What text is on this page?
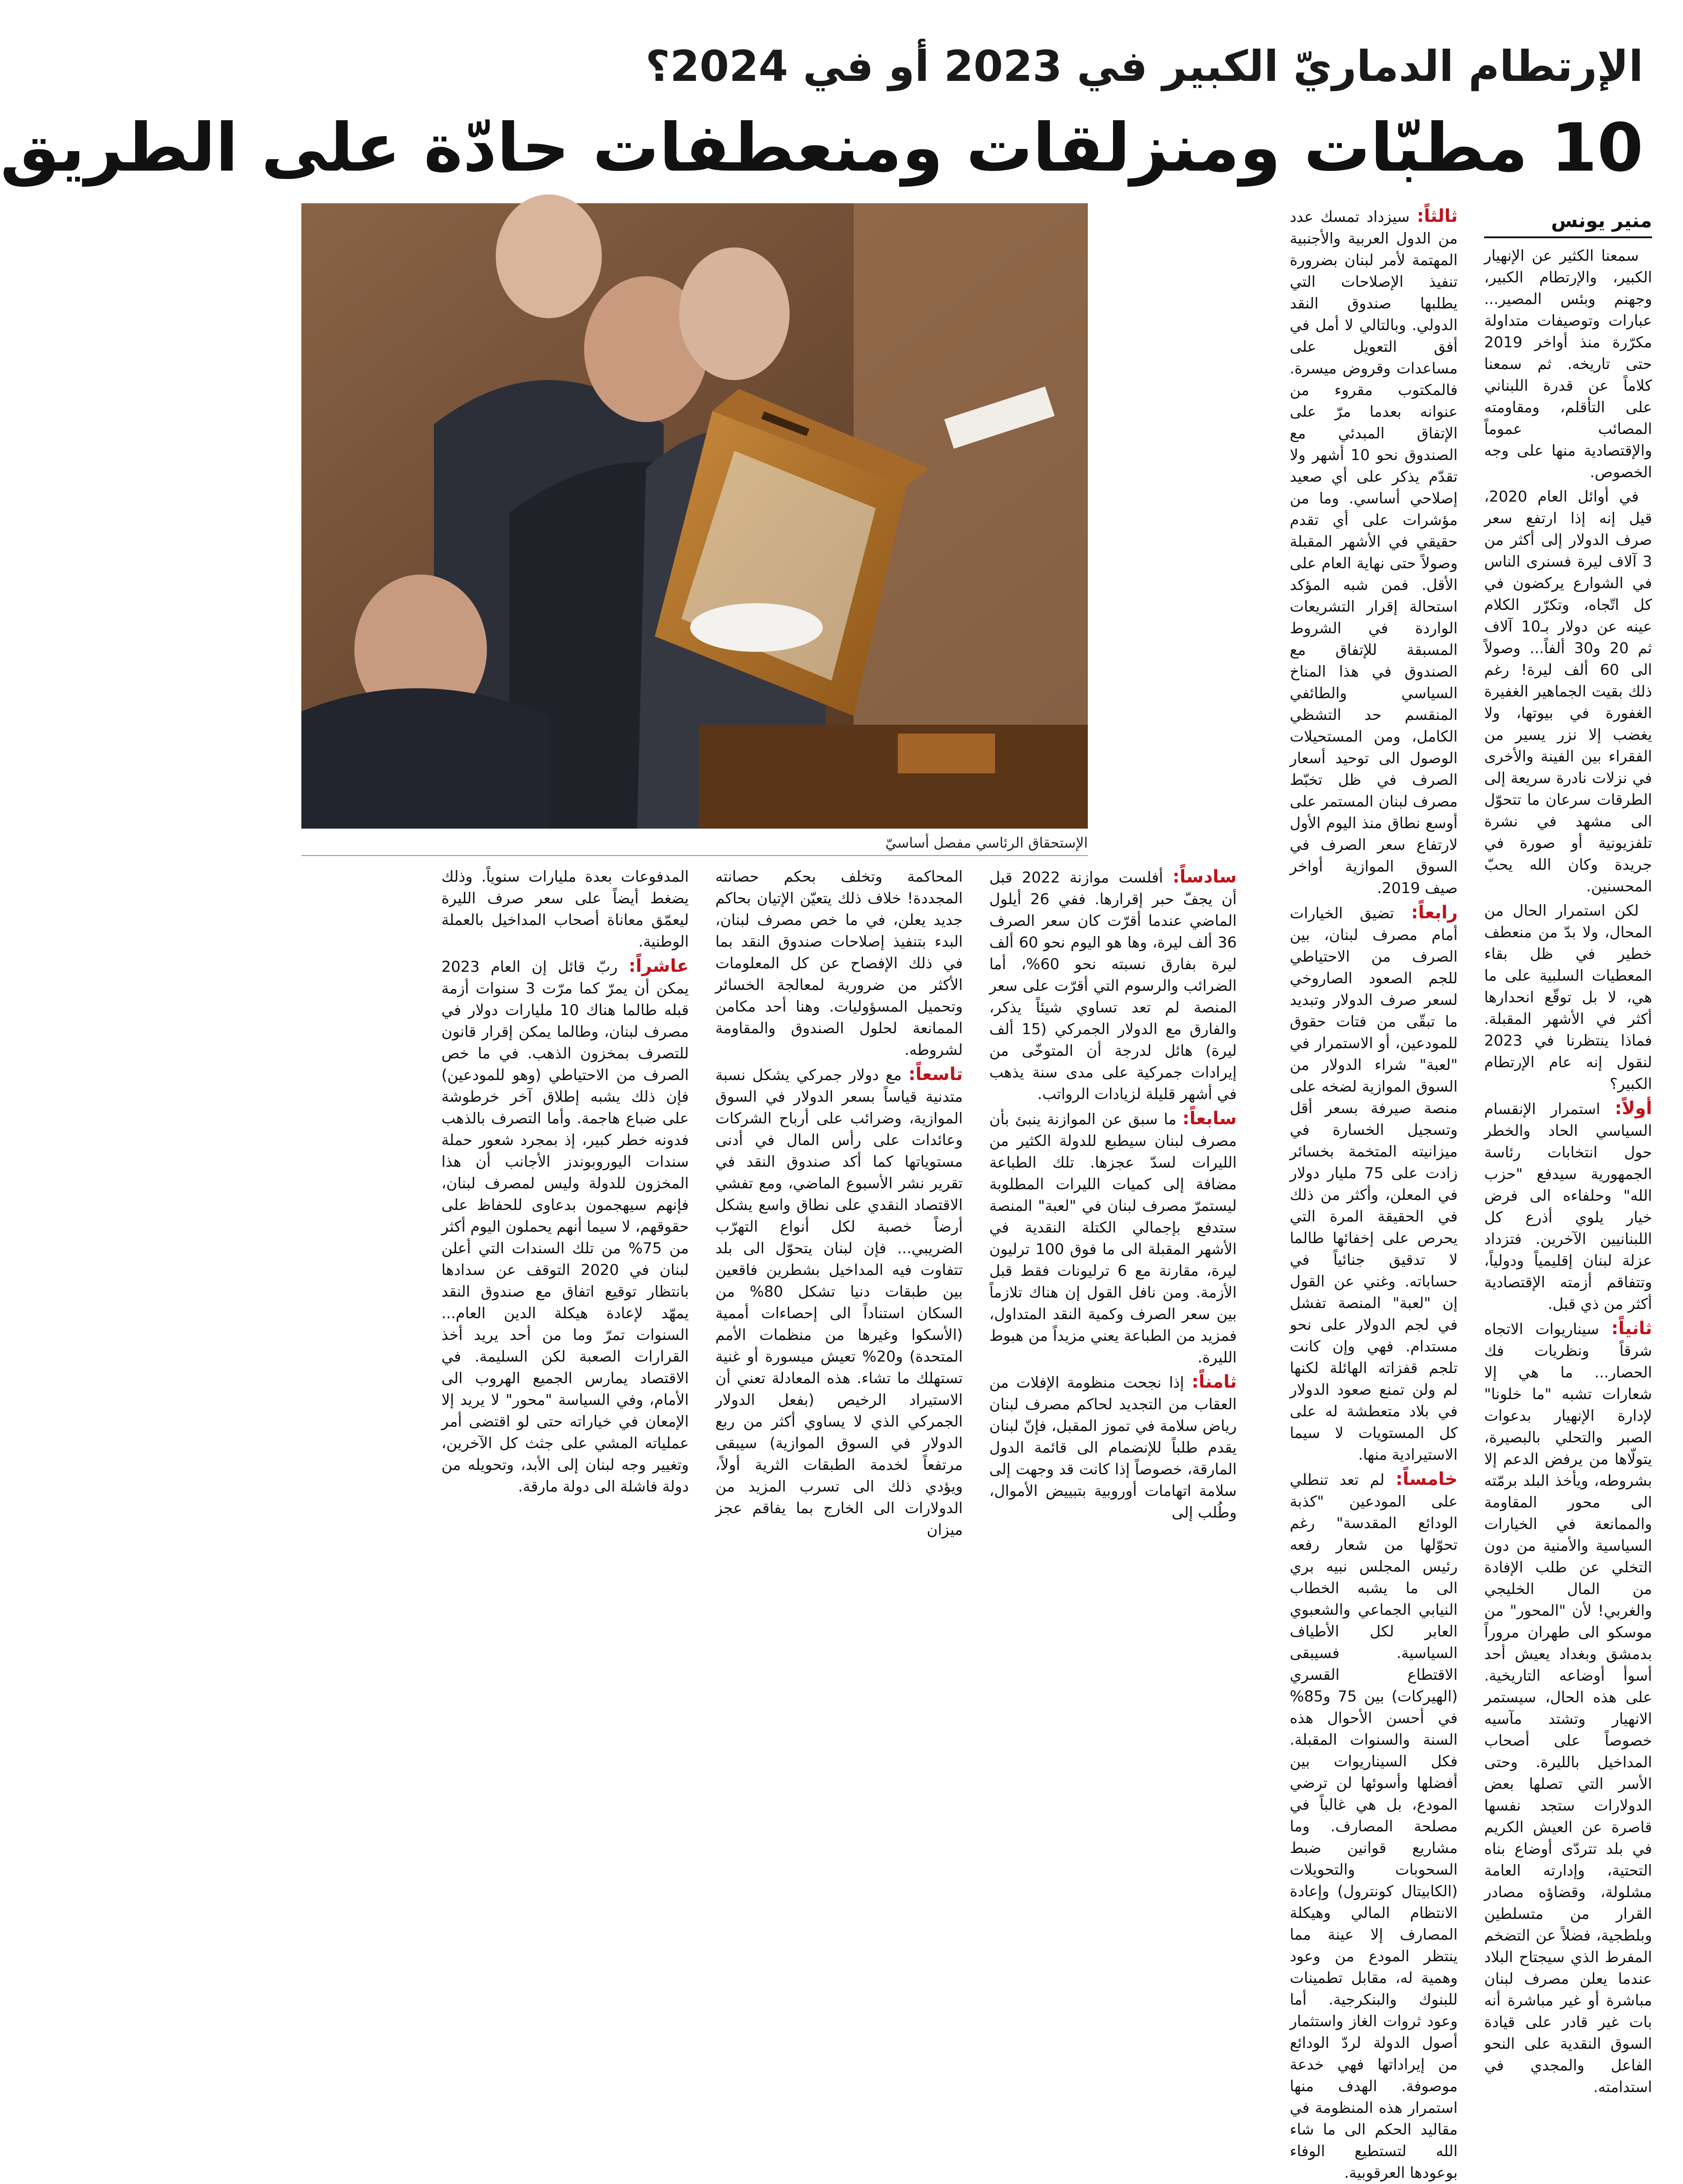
الإرتطام الدماريّ الكبير في 2023 أو في 2024؟
10 مطبّات ومنزلقات ومنعطفات حادّة على الطريق
منير يونس

سمعنا الكثير عن الإنهيار الكبير، والإرتطام الكبير، وجهنم وبئس المصير... عبارات وتوصيفات متداولة مكرّرة منذ أواخر 2019 حتى تاريخه. ثم سمعنا كلاماً عن قدرة اللبناني على التأقلم، ومقاومته المصائب عموماً والإقتصادية منها على وجه الخصوص.

في أوائل العام 2020، قيل إنه إذا ارتفع سعر صرف الدولار إلى أكثر من 3 آلاف ليرة فسنرى الناس في الشوارع يركضون في كل اتّجاه، وتكرّر الكلام عينه عن دولار بـ10 آلاف ثم 20 و30 ألفاً... وصولاً الى 60 ألف ليرة! رغم ذلك بقيت الجماهير الغفيرة الغفورة في بيوتها، ولا يغضب إلا نزر يسير من الفقراء بين الفينة والأخرى في نزلات نادرة سريعة إلى الطرقات سرعان ما تتحوّل الى مشهد في نشرة تلفزيونية أو صورة في جريدة وكان الله يحبّ المحسنين.

لكن استمرار الحال من المحال، ولا بدّ من منعطف خطير في ظل بقاء المعطيات السلبية على ما هي، لا بل توقّع انحدارها أكثر في الأشهر المقبلة. فماذا ينتظرنا في 2023 لنقول إنه عام الإرتطام الكبير؟

أولاً: استمرار الإنقسام السياسي الحاد والخطر حول انتخابات رئاسة الجمهورية سيدفع "حزب الله" وحلفاءه الى فرض خيار يلوي أذرع كل اللبنانيين الآخرين. فتزداد عزلة لبنان إقليمياً ودولياً، وتتفاقم أزمته الإقتصادية أكثر من ذي قبل.

ثانياً: سيناريوات الاتجاه شرقاً ونظريات فك الحصار... ما هي إلا شعارات تشبه "ما خلونا" لإدارة الإنهيار بدعوات الصبر والتحلي بالبصيرة، يتولّاها من يرفض الدعم إلا بشروطه، ويأخذ البلد برمّته الى محور المقاومة والممانعة في الخيارات السياسية والأمنية من دون التخلي عن طلب الإفادة من المال الخليجي والغربي! لأن "المحور" من موسكو الى طهران مروراً بدمشق وبغداد يعيش أحد أسوأ أوضاعه التاريخية. على هذه الحال، سيستمر الانهيار وتشتد مآسيه خصوصاً على أصحاب المداخيل بالليرة. وحتى الأسر التي تصلها بعض الدولارات ستجد نفسها قاصرة عن العيش الكريم في بلد تتردّى أوضاع بناه التحتية، وإدارته العامة مشلولة، وقضاؤه مصادر القرار من متسلطين وبلطجية، فضلاً عن التضخم المفرط الذي سيجتاح البلاد عندما يعلن مصرف لبنان مباشرة أو غير مباشرة أنه بات غير قادر على قيادة السوق النقدية على النحو الفاعل والمجدي في استدامته.

ثالثاً: سيزداد تمسك عدد من الدول العربية والأجنبية المهتمة لأمر لبنان بضرورة تنفيذ الإصلاحات التي يطلبها صندوق النقد الدولي. وبالتالي لا أمل في أفق التعويل على مساعدات وقروض ميسرة. فالمكتوب مقروء من عنوانه بعدما مرّ على الإتفاق المبدئي مع الصندوق نحو 10 أشهر ولا تقدّم يذكر على أي صعيد إصلاحي أساسي. وما من مؤشرات على أي تقدم حقيقي في الأشهر المقبلة وصولاً حتى نهاية العام على الأقل. فمن شبه المؤكد استحالة إقرار التشريعات الواردة في الشروط المسبقة للإتفاق مع الصندوق في هذا المناخ السياسي والطائفي المنقسم حد التشظي الكامل، ومن المستحيلات الوصول الى توحيد أسعار الصرف في ظل تخبّط مصرف لبنان المستمر على أوسع نطاق منذ اليوم الأول لارتفاع سعر الصرف في السوق الموازية أواخر صيف 2019.

رابعاً: تضيق الخيارات أمام مصرف لبنان، بين الصرف من الاحتياطي للجم الصعود الصاروخي لسعر صرف الدولار وتبديد ما تبقّى من فتات حقوق للمودعين، أو الاستمرار في "لعبة" شراء الدولار من السوق الموازية لضخه على منصة صيرفة بسعر أقل وتسجيل الخسارة في ميزانيته المتخمة بخسائر زادت على 75 مليار دولار في المعلن، وأكثر من ذلك في الحقيقة المرة التي يحرص على إخفائها طالما لا تدقيق جنائياً في حساباته. وغني عن القول إن "لعبة" المنصة تفشل في لجم الدولار على نحو مستدام. فهي وإن كانت تلجم قفزاته الهائلة لكنها لم ولن تمنع صعود الدولار في بلاد متعطشة له على كل المستويات لا سيما الاستيرادية منها.

خامساً: لم تعد تنطلي على المودعين "كذبة الودائع المقدسة" رغم تحوّلها من شعار رفعه رئيس المجلس نبيه بري الى ما يشبه الخطاب النيابي الجماعي والشعبوي العابر لكل الأطياف السياسية. فسيبقى الاقتطاع القسري (الهيركات) بين 75 و85% في أحسن الأحوال هذه السنة والسنوات المقبلة. فكل السيناريوات بين أفضلها وأسوئها لن ترضي المودع، بل هي غالباً في مصلحة المصارف. وما مشاريع قوانين ضبط السحوبات والتحويلات (الكابيتال كونترول) وإعادة الانتظام المالي وهيكلة المصارف إلا عينة مما ينتظر المودع من وعود وهمية له، مقابل تطمينات للبنوك والبنكرجية. أما وعود ثروات الغاز واستثمار أصول الدولة لردّ الودائع من إيراداتها فهي خدعة موصوفة. الهدف منها استمرار هذه المنظومة في مقاليد الحكم الى ما شاء الله لتستطيع الوفاء بوعودها العرقوبية.

الإستحقاق الرئاسي مفصل أساسيّ

سادساً: أفلست موازنة 2022 قبل أن يجفّ حبر إقرارها. ففي 26 أيلول الماضي عندما أقرّت كان سعر الصرف 36 ألف ليرة، وها هو اليوم نحو 60 ألف ليرة بفارق نسبته نحو 60%، أما الضرائب والرسوم التي أقرّت على سعر المنصة لم تعد تساوي شيئاً يذكر، والفارق مع الدولار الجمركي (15 ألف ليرة) هائل لدرجة أن المتوخّى من إيرادات جمركية على مدى سنة يذهب في أشهر قليلة لزيادات الرواتب.

سابعاً: ما سبق عن الموازنة ينبئ بأن مصرف لبنان سيطبع للدولة الكثير من الليرات لسدّ عجزها. تلك الطباعة مضافة إلى كميات الليرات المطلوبة ليستمرّ مصرف لبنان في "لعبة" المنصة ستدفع بإجمالي الكتلة النقدية في الأشهر المقبلة الى ما فوق 100 ترليون ليرة، مقارنة مع 6 ترليونات فقط قبل الأزمة. ومن نافل القول إن هناك تلازماً بين سعر الصرف وكمية النقد المتداول، فمزيد من الطباعة يعني مزيداً من هبوط الليرة.

ثامناً: إذا نجحت منظومة الإفلات من العقاب من التجديد لحاكم مصرف لبنان رياض سلامة في تموز المقبل، فإنّ لبنان يقدم طلباً للإنضمام الى قائمة الدول المارقة، خصوصاً إذا كانت قد وجهت إلى سلامة اتهامات أوروبية بتبييض الأموال، وطُلب إلى

المحاكمة وتخلف بحكم حصانته المجددة! خلاف ذلك يتعيّن الإتيان بحاكم جديد يعلن، في ما خص مصرف لبنان، البدء بتنفيذ إصلاحات صندوق النقد بما في ذلك الإفصاح عن كل المعلومات الأكثر من ضرورية لمعالجة الخسائر وتحميل المسؤوليات. وهنا أحد مكامن الممانعة لحلول الصندوق والمقاومة لشروطه.

تاسعاً: مع دولار جمركي يشكل نسبة متدنية قياساً بسعر الدولار في السوق الموازية، وضرائب على أرباح الشركات وعائدات على رأس المال في أدنى مستوياتها كما أكد صندوق النقد في تقرير نشر الأسبوع الماضي، ومع تفشي الاقتصاد النقدي على نطاق واسع يشكل أرضاً خصبة لكل أنواع التهرّب الضريبي... فإن لبنان يتحوّل الى بلد تتفاوت فيه المداخيل بشطرين فاقعين بين طبقات دنيا تشكل 80% من السكان استناداً الى إحصاءات أممية (الأسكوا وغيرها من منظمات الأمم المتحدة) و20% تعيش ميسورة أو غنية تستهلك ما تشاء. هذه المعادلة تعني أن الاستيراد الرخيص (بفعل الدولار الجمركي الذي لا يساوي أكثر من ربع الدولار في السوق الموازية) سيبقى مرتفعاً لخدمة الطبقات الثرية أولاً، ويؤدي ذلك الى تسرب المزيد من الدولارات الى الخارج بما يفاقم عجز ميزان

المدفوعات بعدة مليارات سنوياً. وذلك يضغط أيضاً على سعر صرف الليرة ليعمّق معاناة أصحاب المداخيل بالعملة الوطنية.

عاشراً: ربّ قائل إن العام 2023 يمكن أن يمرّ كما مرّت 3 سنوات أزمة قبله طالما هناك 10 مليارات دولار في مصرف لبنان، وطالما يمكن إقرار قانون للتصرف بمخزون الذهب. في ما خص الصرف من الاحتياطي (وهو للمودعين) فإن ذلك يشبه إطلاق آخر خرطوشة على ضباع هاجمة. وأما التصرف بالذهب فدونه خطر كبير، إذ بمجرد شعور حملة سندات اليوروبوندز الأجانب أن هذا المخزون للدولة وليس لمصرف لبنان، فإنهم سيهجمون بدعاوى للحفاظ على حقوقهم، لا سيما أنهم يحملون اليوم أكثر من 75% من تلك السندات التي أعلن لبنان في 2020 التوقف عن سدادها بانتظار توقيع اتفاق مع صندوق النقد يمهّد لإعادة هيكلة الدين العام... السنوات تمرّ وما من أحد يريد أخذ القرارات الصعبة لكن السليمة. في الاقتصاد يمارس الجميع الهروب الى الأمام، وفي السياسة "محور" لا يريد إلا الإمعان في خياراته حتى لو اقتضى أمر عملياته المشي على جثث كل الآخرين، وتغيير وجه لبنان إلى الأبد، وتحويله من دولة فاشلة الى دولة مارقة.
